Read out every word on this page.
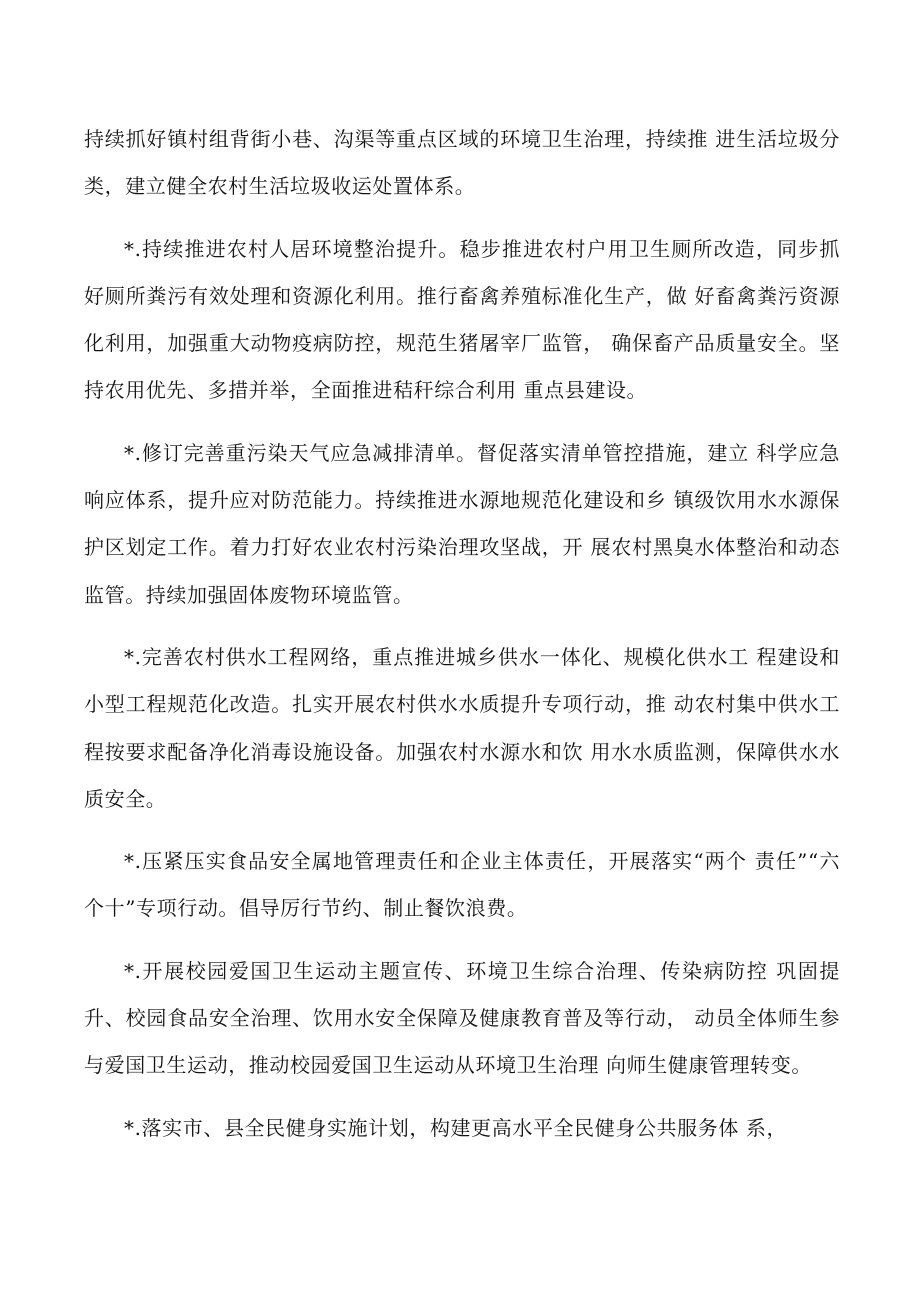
持续抓好镇村组背街小巷、沟渠等重点区域的环境卫生治理，持续推 进生活垃圾分类，建立健全农村生活垃圾收运处置体系。

*.持续推进农村人居环境整治提升。稳步推进农村户用卫生厕所改造，同步抓好厕所粪污有效处理和资源化利用。推行畜禽养殖标准化生产，做 好畜禽粪污资源化利用，加强重大动物疫病防控，规范生猪屠宰厂监管， 确保畜产品质量安全。坚持农用优先、多措并举，全面推进秸秆综合利用 重点县建设。

*.修订完善重污染天气应急减排清单。督促落实清单管控措施，建立 科学应急响应体系，提升应对防范能力。持续推进水源地规范化建设和乡 镇级饮用水水源保护区划定工作。着力打好农业农村污染治理攻坚战，开 展农村黑臭水体整治和动态监管。持续加强固体废物环境监管。

*.完善农村供水工程网络，重点推进城乡供水一体化、规模化供水工 程建设和小型工程规范化改造。扎实开展农村供水水质提升专项行动，推 动农村集中供水工程按要求配备净化消毒设施设备。加强农村水源水和饮 用水水质监测，保障供水水质安全。

*.压紧压实食品安全属地管理责任和企业主体责任，开展落实“两个 责任”“六个十”专项行动。倡导厉行节约、制止餐饮浪费。

*.开展校园爱国卫生运动主题宣传、环境卫生综合治理、传染病防控 巩固提升、校园食品安全治理、饮用水安全保障及健康教育普及等行动， 动员全体师生参与爱国卫生运动，推动校园爱国卫生运动从环境卫生治理 向师生健康管理转变。

*.落实市、县全民健身实施计划，构建更高水平全民健身公共服务体 系，
